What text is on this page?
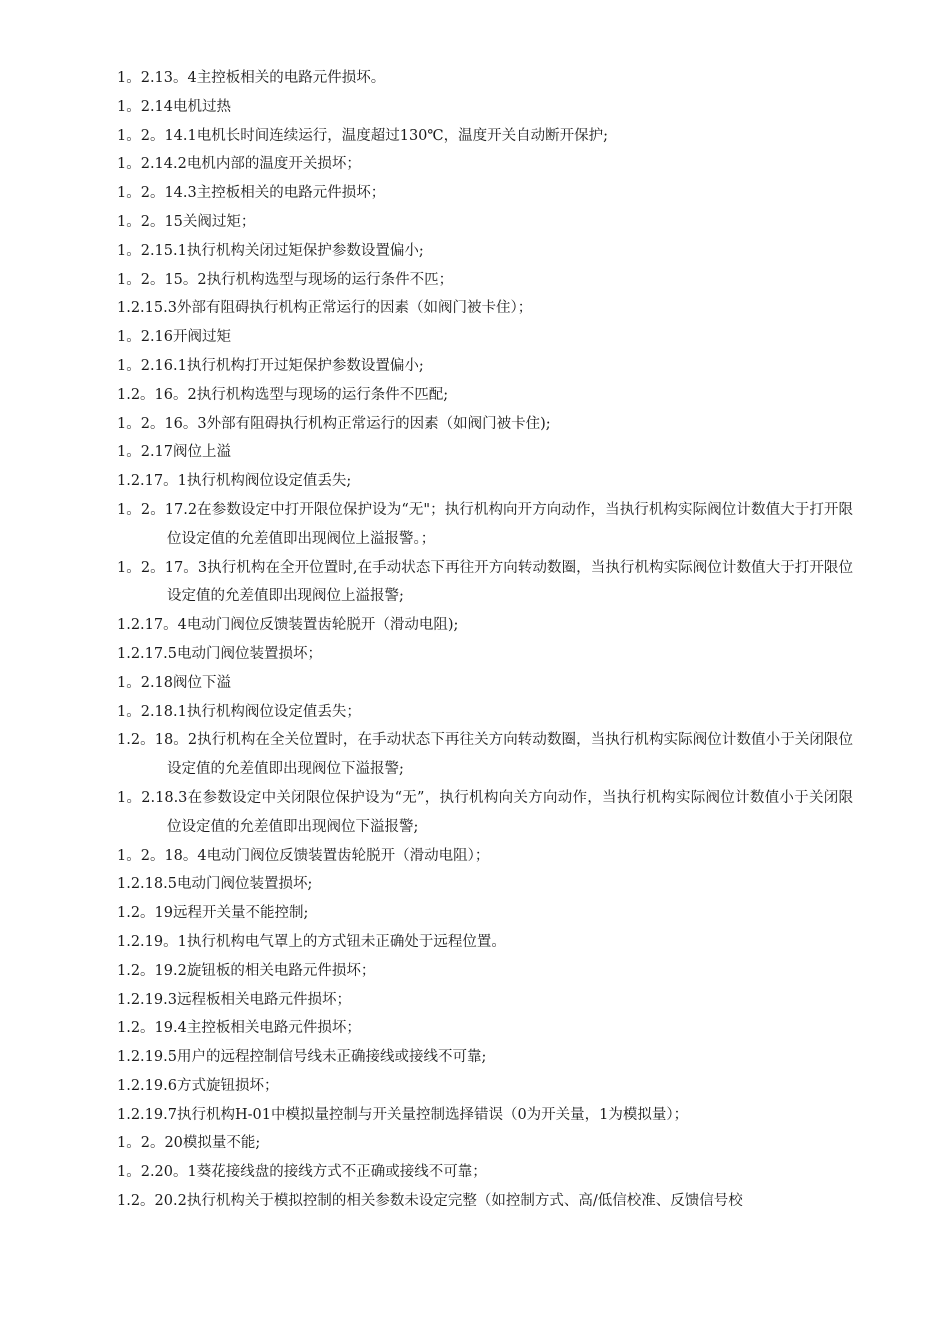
1。2.13。4主控板相关的电路元件损坏。
1。2.14电机过热
1。2。14.1电机长时间连续运行，温度超过130℃，温度开关自动断开保护;
1。2.14.2电机内部的温度开关损坏；
1。2。14.3主控板相关的电路元件损坏；
1。2。15关阀过矩；
1。2.15.1执行机构关闭过矩保护参数设置偏小;
1。2。15。2执行机构选型与现场的运行条件不匹；
1.2.15.3外部有阻碍执行机构正常运行的因素（如阀门被卡住）；
1。2.16开阀过矩
1。2.16.1执行机构打开过矩保护参数设置偏小;
1.2。16。2执行机构选型与现场的运行条件不匹配;
1。2。16。3外部有阻碍执行机构正常运行的因素（如阀门被卡住);
1。2.17阀位上溢
1.2.17。1执行机构阀位设定值丢失;
1。2。17.2在参数设定中打开限位保护设为“无"；执行机构向开方向动作，当执行机构实际阀位计数值大于打开限位设定值的允差值即出现阀位上溢报警。；
1。2。17。3执行机构在全开位置时,在手动状态下再往开方向转动数圈，当执行机构实际阀位计数值大于打开限位设定值的允差值即出现阀位上溢报警;
1.2.17。4电动门阀位反馈装置齿轮脱开（滑动电阻);
1.2.17.5电动门阀位装置损坏；
1。2.18阀位下溢
1。2.18.1执行机构阀位设定值丢失；
1.2。18。2执行机构在全关位置时，在手动状态下再往关方向转动数圈，当执行机构实际阀位计数值小于关闭限位设定值的允差值即出现阀位下溢报警;
1。2.18.3在参数设定中关闭限位保护设为“无”，执行机构向关方向动作，当执行机构实际阀位计数值小于关闭限位设定值的允差值即出现阀位下溢报警;
1。2。18。4电动门阀位反馈装置齿轮脱开（滑动电阻）；
1.2.18.5电动门阀位装置损坏;
1.2。19远程开关量不能控制;
1.2.19。1执行机构电气罩上的方式钮未正确处于远程位置。
1.2。19.2旋钮板的相关电路元件损坏；
1.2.19.3远程板相关电路元件损坏；
1.2。19.4主控板相关电路元件损坏；
1.2.19.5用户的远程控制信号线未正确接线或接线不可靠;
1.2.19.6方式旋钮损坏；
1.2.19.7执行机构H-01中模拟量控制与开关量控制选择错误（0为开关量，1为模拟量）；
1。2。20模拟量不能;
1。2.20。1葵花接线盘的接线方式不正确或接线不可靠；
1.2。20.2执行机构关于模拟控制的相关参数未设定完整（如控制方式、高/低信校准、反馈信号校
